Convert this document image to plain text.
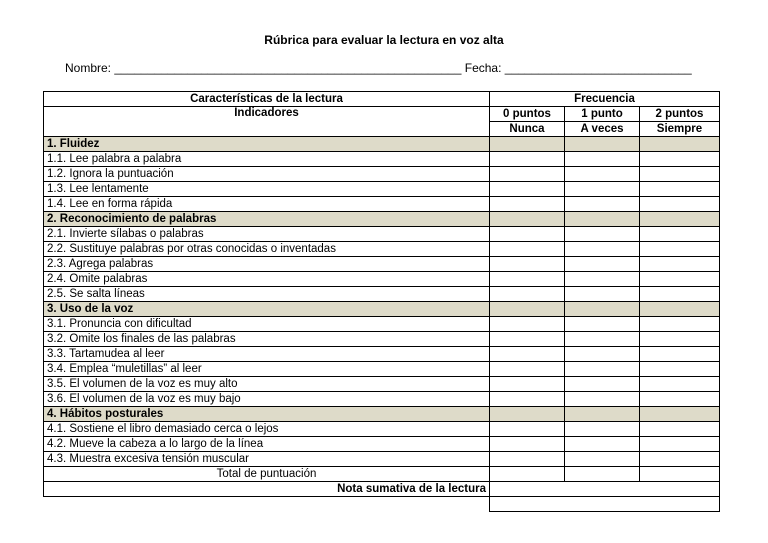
Rúbrica para evaluar la lectura en voz alta
Nombre: ____________________________________________________ Fecha: ____________________________
Características de la lectura	Frecuencia		
Indicadores	0 puntos	1 punto	2 puntos
	Nunca	A veces	Siempre
1. Fluidez			
1.1. Lee palabra a palabra			
1.2. Ignora la puntuación			
1.3. Lee lentamente			
1.4. Lee en forma rápida			
2. Reconocimiento de palabras			
2.1. Invierte sílabas o palabras			
2.2. Sustituye palabras por otras conocidas o inventadas			
2.3. Agrega palabras			
2.4. Omite palabras			
2.5. Se salta líneas			
3. Uso de la voz			
3.1. Pronuncia con dificultad			
3.2. Omite los finales de las palabras			
3.3. Tartamudea al leer			
3.4. Emplea “muletillas” al leer			
3.5. El volumen de la voz es muy alto			
3.6. El volumen de la voz es muy bajo			
4. Hábitos posturales			
4.1. Sostiene el libro demasiado cerca o lejos			
4.2. Mueve la cabeza a lo largo de la línea			
4.3. Muestra excesiva tensión muscular			
Total de puntuación			
Nota sumativa de la lectura			
